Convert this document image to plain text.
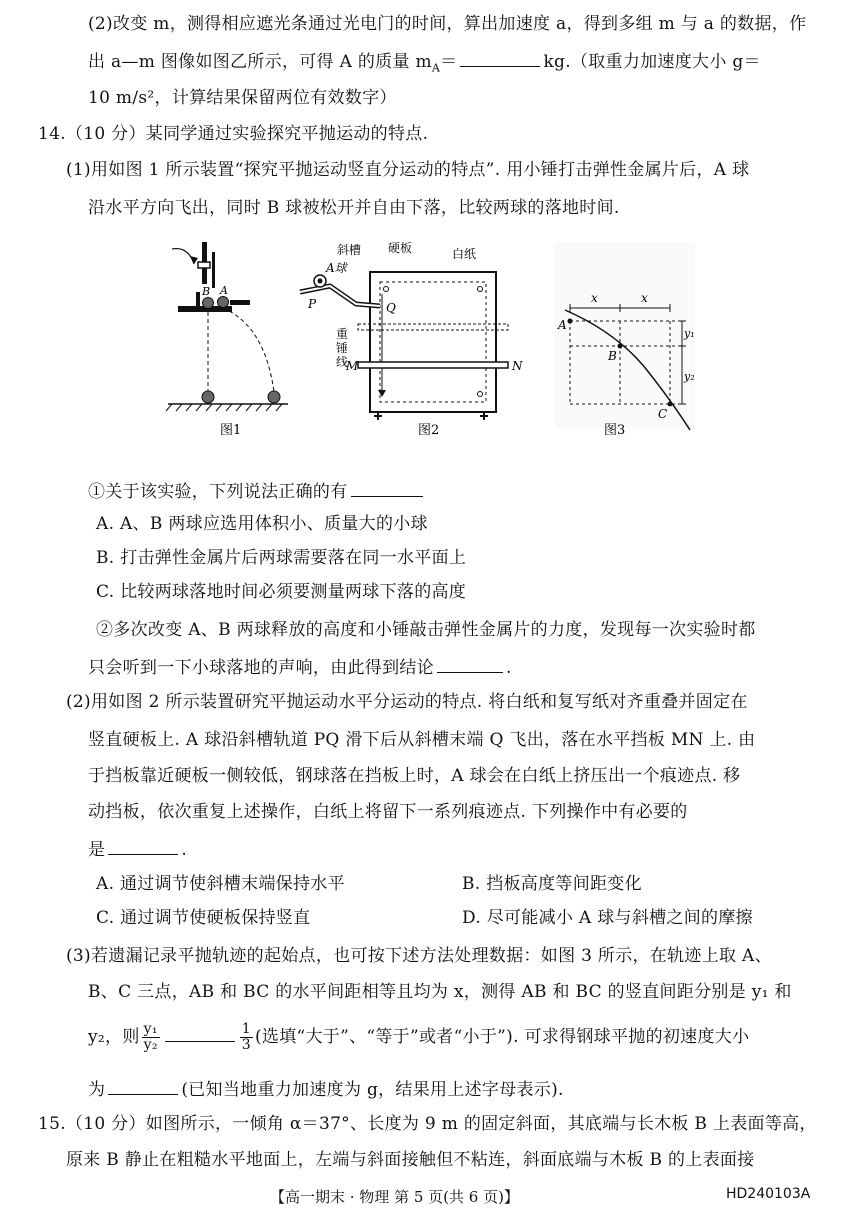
(2)改变 m，测得相应遮光条通过光电门的时间，算出加速度 a，得到多组 m 与 a 的数据，作
出 a—m 图像如图乙所示，可得 A 的质量 $m_A=$	kg.（取重力加速度大小 g＝
10 m/s²，计算结果保留两位有效数字）
14.（10 分）某同学通过实验探究平抛运动的特点.
(1)用如图 1 所示装置“探究平抛运动竖直分运动的特点”. 用小锤打击弹性金属片后，A 球
沿水平方向飞出，同时 B 球被松开并自由下落，比较两球的落地时间.
B A
图1
斜槽 硬板	白纸
A球
P	Q
重
锤
线
M	N
图2
x	x
A
B
C
y₁
y₂
图3
①关于该实验，下列说法正确的有
A. A、B 两球应选用体积小、质量大的小球
B. 打击弹性金属片后两球需要落在同一水平面上
C. 比较两球落地时间必须要测量两球下落的高度
②多次改变 A、B 两球释放的高度和小锤敲击弹性金属片的力度，发现每一次实验时都
只会听到一下小球落地的声响，由此得到结论	.
(2)用如图 2 所示装置研究平抛运动水平分运动的特点. 将白纸和复写纸对齐重叠并固定在
竖直硬板上. A 球沿斜槽轨道 PQ 滑下后从斜槽末端 Q 飞出，落在水平挡板 MN 上. 由
于挡板靠近硬板一侧较低，钢球落在挡板上时，A 球会在白纸上挤压出一个痕迹点. 移
动挡板，依次重复上述操作，白纸上将留下一系列痕迹点. 下列操作中有必要的
是	.
A. 通过调节使斜槽末端保持水平	B. 挡板高度等间距变化
C. 通过调节使硬板保持竖直	D. 尽可能减小 A 球与斜槽之间的摩擦
(3)若遗漏记录平抛轨迹的起始点，也可按下述方法处理数据：如图 3 所示，在轨迹上取 A、
B、C 三点，AB 和 BC 的水平间距相等且均为 x，测得 AB 和 BC 的竖直间距分别是 y₁ 和
y₂，则 $\frac{\text{y₁}}{\text{y₂}}$	$\frac{1}{3}$ (选填“大于”、“等于”或者“小于”). 可求得钢球平抛的初速度大小
为	(已知当地重力加速度为 g，结果用上述字母表示).
15.（10 分）如图所示，一倾角 α＝37°、长度为 9 m 的固定斜面，其底端与长木板 B 上表面等高，
原来 B 静止在粗糙水平地面上，左端与斜面接触但不粘连，斜面底端与木板 B 的上表面接
【高一期末 · 物理 第 5 页(共 6 页)】	HD240103A
